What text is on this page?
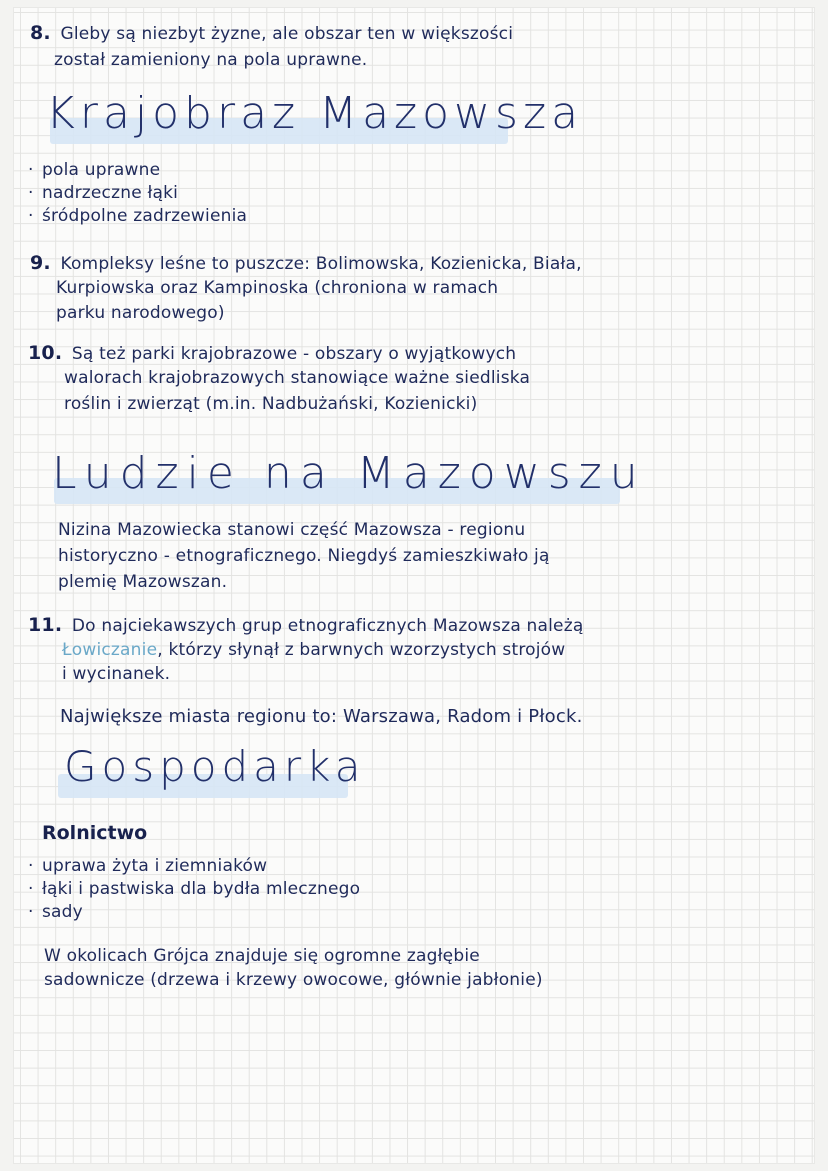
8. Gleby są niezbyt żyzne, ale obszar ten w większości
został zamieniony na pola uprawne.
Krajobraz Mazowsza
· pola uprawne
· nadrzeczne łąki
· śródpolne zadrzewienia
9. Kompleksy leśne to puszcze: Bolimowska, Kozienicka, Biała,
Kurpiowska oraz Kampinoska (chroniona w ramach
parku narodowego)
10. Są też parki krajobrazowe - obszary o wyjątkowych
walorach krajobrazowych stanowiące ważne siedliska
roślin i zwierząt (m.in. Nadbużański, Kozienicki)
Ludzie na Mazowszu
Nizina Mazowiecka stanowi część Mazowsza - regionu
historyczno - etnograficznego. Niegdyś zamieszkiwało ją
plemię Mazowszan.
11. Do najciekawszych grup etnograficznych Mazowsza należą
Łowiczanie, którzy słynął z barwnych wzorzystych strojów
i wycinanek.
Największe miasta regionu to: Warszawa, Radom i Płock.
Gospodarka
Rolnictwo
· uprawa żyta i ziemniaków
· łąki i pastwiska dla bydła mlecznego
· sady
W okolicach Grójca znajduje się ogromne zagłębie
sadownicze (drzewa i krzewy owocowe, głównie jabłonie)
